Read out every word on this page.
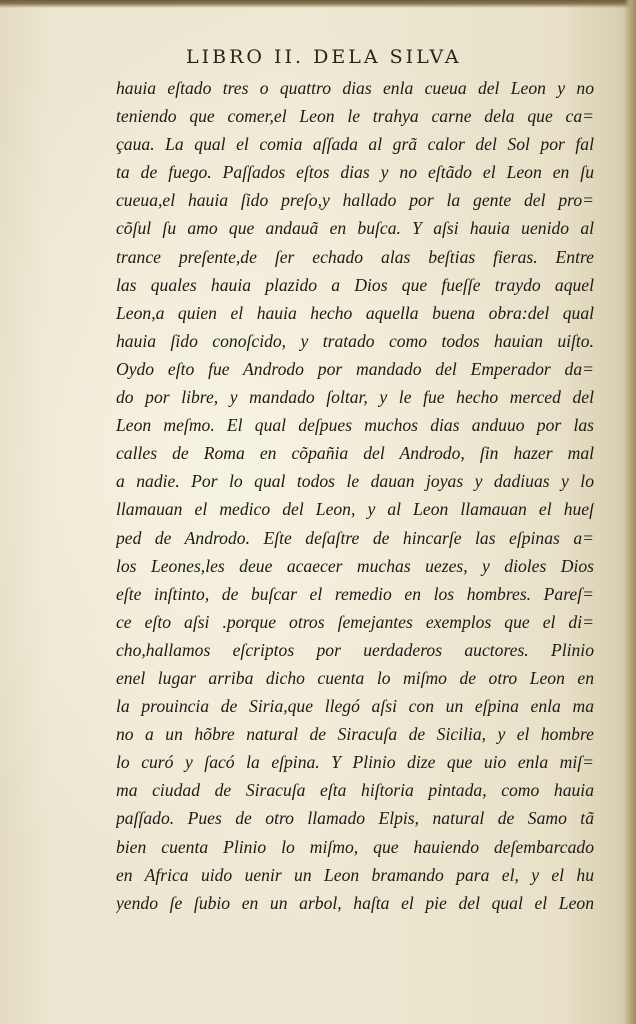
LIBRO II. DELA SILVA
hauia eſtado tres o quattro dias enla cueua del Leon y no
teniendo que comer,el Leon le trahya carne dela que ca=
çaua. La qual el comia aſſada al grã calor del Sol por fal
ta de fuego. Paſſados eſtos dias y no eſtãdo el Leon en ſu
cueua,el hauia ſido preſo,y hallado por la gente del pro=
cõſul ſu amo que andauã en buſca. Y aſsi hauia uenido al
trance preſente,de ſer echado alas beſtias fieras. Entre
las quales hauia plazido a Dios que fueſſe traydo aquel
Leon,a quien el hauia hecho aquella buena obra:del qual
hauia ſido conoſcido, y tratado como todos hauian uiſto.
Oydo eſto fue Androdo por mandado del Emperador da=
do por libre, y mandado ſoltar, y le fue hecho merced del
Leon meſmo. El qual deſpues muchos dias anduuo por las
calles de Roma en cõpañia del Androdo, ſin hazer mal
a nadie. Por lo qual todos le dauan joyas y dadiuas y lo
llamauan el medico del Leon, y al Leon llamauan el hueſ
ped de Androdo. Eſte deſaſtre de hincarſe las eſpinas a=
los Leones,les deue acaecer muchas uezes, y dioles Dios
eſte inſtinto, de buſcar el remedio en los hombres. Pareſ=
ce eſto aſsi .porque otros ſemejantes exemplos que el di=
cho,hallamos eſcriptos por uerdaderos auctores. Plinio
enel lugar arriba dicho cuenta lo miſmo de otro Leon en
la prouincia de Siria,que llegó aſsi con un eſpina enla ma
no a un hõbre natural de Siracuſa de Sicilia, y el hombre
lo curó y ſacó la eſpina. Y Plinio dize que uio enla miſ=
ma ciudad de Siracuſa eſta hiſtoria pintada, como hauia
paſſado. Pues de otro llamado Elpis, natural de Samo tã
bien cuenta Plinio lo miſmo, que hauiendo deſembarcado
en Africa uido uenir un Leon bramando para el, y el hu
yendo ſe ſubio en un arbol, haſta el pie del qual el Leon
